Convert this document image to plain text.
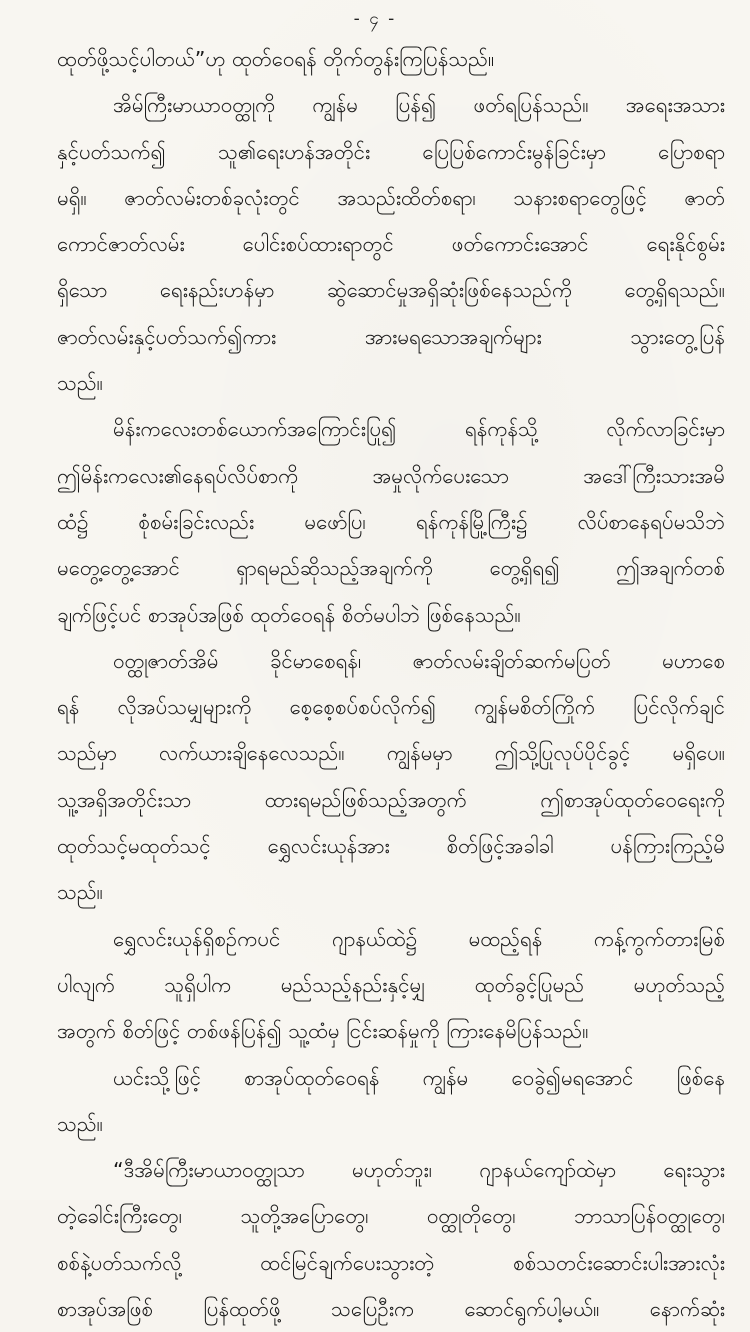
- ၄ -
ထုတ်ဖို့သင့်ပါတယ်”ဟု ထုတ်ဝေရန် တိုက်တွန်းကြပြန်သည်။
အိမ်ကြီးမာယာဝတ္ထုကို ကျွန်မ ပြန်၍ ဖတ်ရပြန်သည်။ အရေးအသား
နှင့်ပတ်သက်၍ သူ၏ရေးဟန်အတိုင်း ပြေပြစ်ကောင်းမွန်ခြင်းမှာ ပြောစရာ
မရှိ။ ဇာတ်လမ်းတစ်ခုလုံးတွင် အသည်းထိတ်စရာ၊ သနားစရာတွေဖြင့် ဇာတ်
ကောင်ဇာတ်လမ်း ပေါင်းစပ်ထားရာတွင် ဖတ်ကောင်းအောင် ရေးနိုင်စွမ်း
ရှိသော ရေးနည်းဟန်မှာ ဆွဲဆောင်မှုအရှိဆုံးဖြစ်နေသည်ကို တွေ့ရှိရသည်။
ဇာတ်လမ်းနှင့်ပတ်သက်၍ကား အားမရသောအချက်များ သွားတွေ့ပြန်
သည်။
မိန်းကလေးတစ်ယောက်အကြောင်းပြု၍ ရန်ကုန်သို့ လိုက်လာခြင်းမှာ
ဤမိန်းကလေး၏နေရပ်လိပ်စာကို အမှုလိုက်ပေးသော အဒေါ်ကြီးသားအမိ
ထံ၌ စုံစမ်းခြင်းလည်း မဖော်ပြ၊ ရန်ကုန်မြို့ကြီး၌ လိပ်စာနေရပ်မသိဘဲ
မတွေ့တွေ့အောင် ရှာရမည်ဆိုသည့်အချက်ကို တွေ့ရှိရ၍ ဤအချက်တစ်
ချက်ဖြင့်ပင် စာအုပ်အဖြစ် ထုတ်ဝေရန် စိတ်မပါဘဲ ဖြစ်နေသည်။
ဝတ္ထုဇာတ်အိမ် ခိုင်မာစေရန်၊ ဇာတ်လမ်းချိတ်ဆက်မပြတ် မဟာစေ
ရန် လိုအပ်သမျှများကို စေ့စေ့စပ်စပ်လိုက်၍ ကျွန်မစိတ်ကြိုက် ပြင်လိုက်ချင်
သည်မှာ လက်ယားချိနေလေသည်။ ကျွန်မမှာ ဤသို့ပြုလုပ်ပိုင်ခွင့် မရှိပေ။
သူ့အရှိအတိုင်းသာ ထားရမည်ဖြစ်သည့်အတွက် ဤစာအုပ်ထုတ်ဝေရေးကို
ထုတ်သင့်မထုတ်သင့် ရွှေလင်းယုန်အား စိတ်ဖြင့်အခါခါ ပန်ကြားကြည့်မိ
သည်။
ရွှေလင်းယုန်ရှိစဉ်ကပင် ဂျာနယ်ထဲ၌ မထည့်ရန် ကန့်ကွက်တားမြစ်
ပါလျက် သူရှိပါက မည်သည့်နည်းနှင့်မျှ ထုတ်ခွင့်ပြုမည် မဟုတ်သည့်
အတွက် စိတ်ဖြင့် တစ်ဖန်ပြန်၍ သူ့ထံမှ ငြင်းဆန်မှုကို ကြားနေမိပြန်သည်။
ယင်းသို့ဖြင့် စာအုပ်ထုတ်ဝေရန် ကျွန်မ ဝေခွဲ၍မရအောင် ဖြစ်နေ
သည်။
“ဒီအိမ်ကြီးမာယာဝတ္ထုသာ မဟုတ်ဘူး၊ ဂျာနယ်ကျော်ထဲမှာ ရေးသွား
တဲ့ခေါင်းကြီးတွေ၊ သူတို့အပြောတွေ၊ ဝတ္ထုတိုတွေ၊ ဘာသာပြန်ဝတ္ထုတွေ၊
စစ်နဲ့ပတ်သက်လို့ ထင်မြင်ချက်ပေးသွားတဲ့ စစ်သတင်းဆောင်းပါးအားလုံး
စာအုပ်အဖြစ် ပြန်ထုတ်ဖို့ သပြေဦးက ဆောင်ရွက်ပါ့မယ်။ နောက်ဆုံး
